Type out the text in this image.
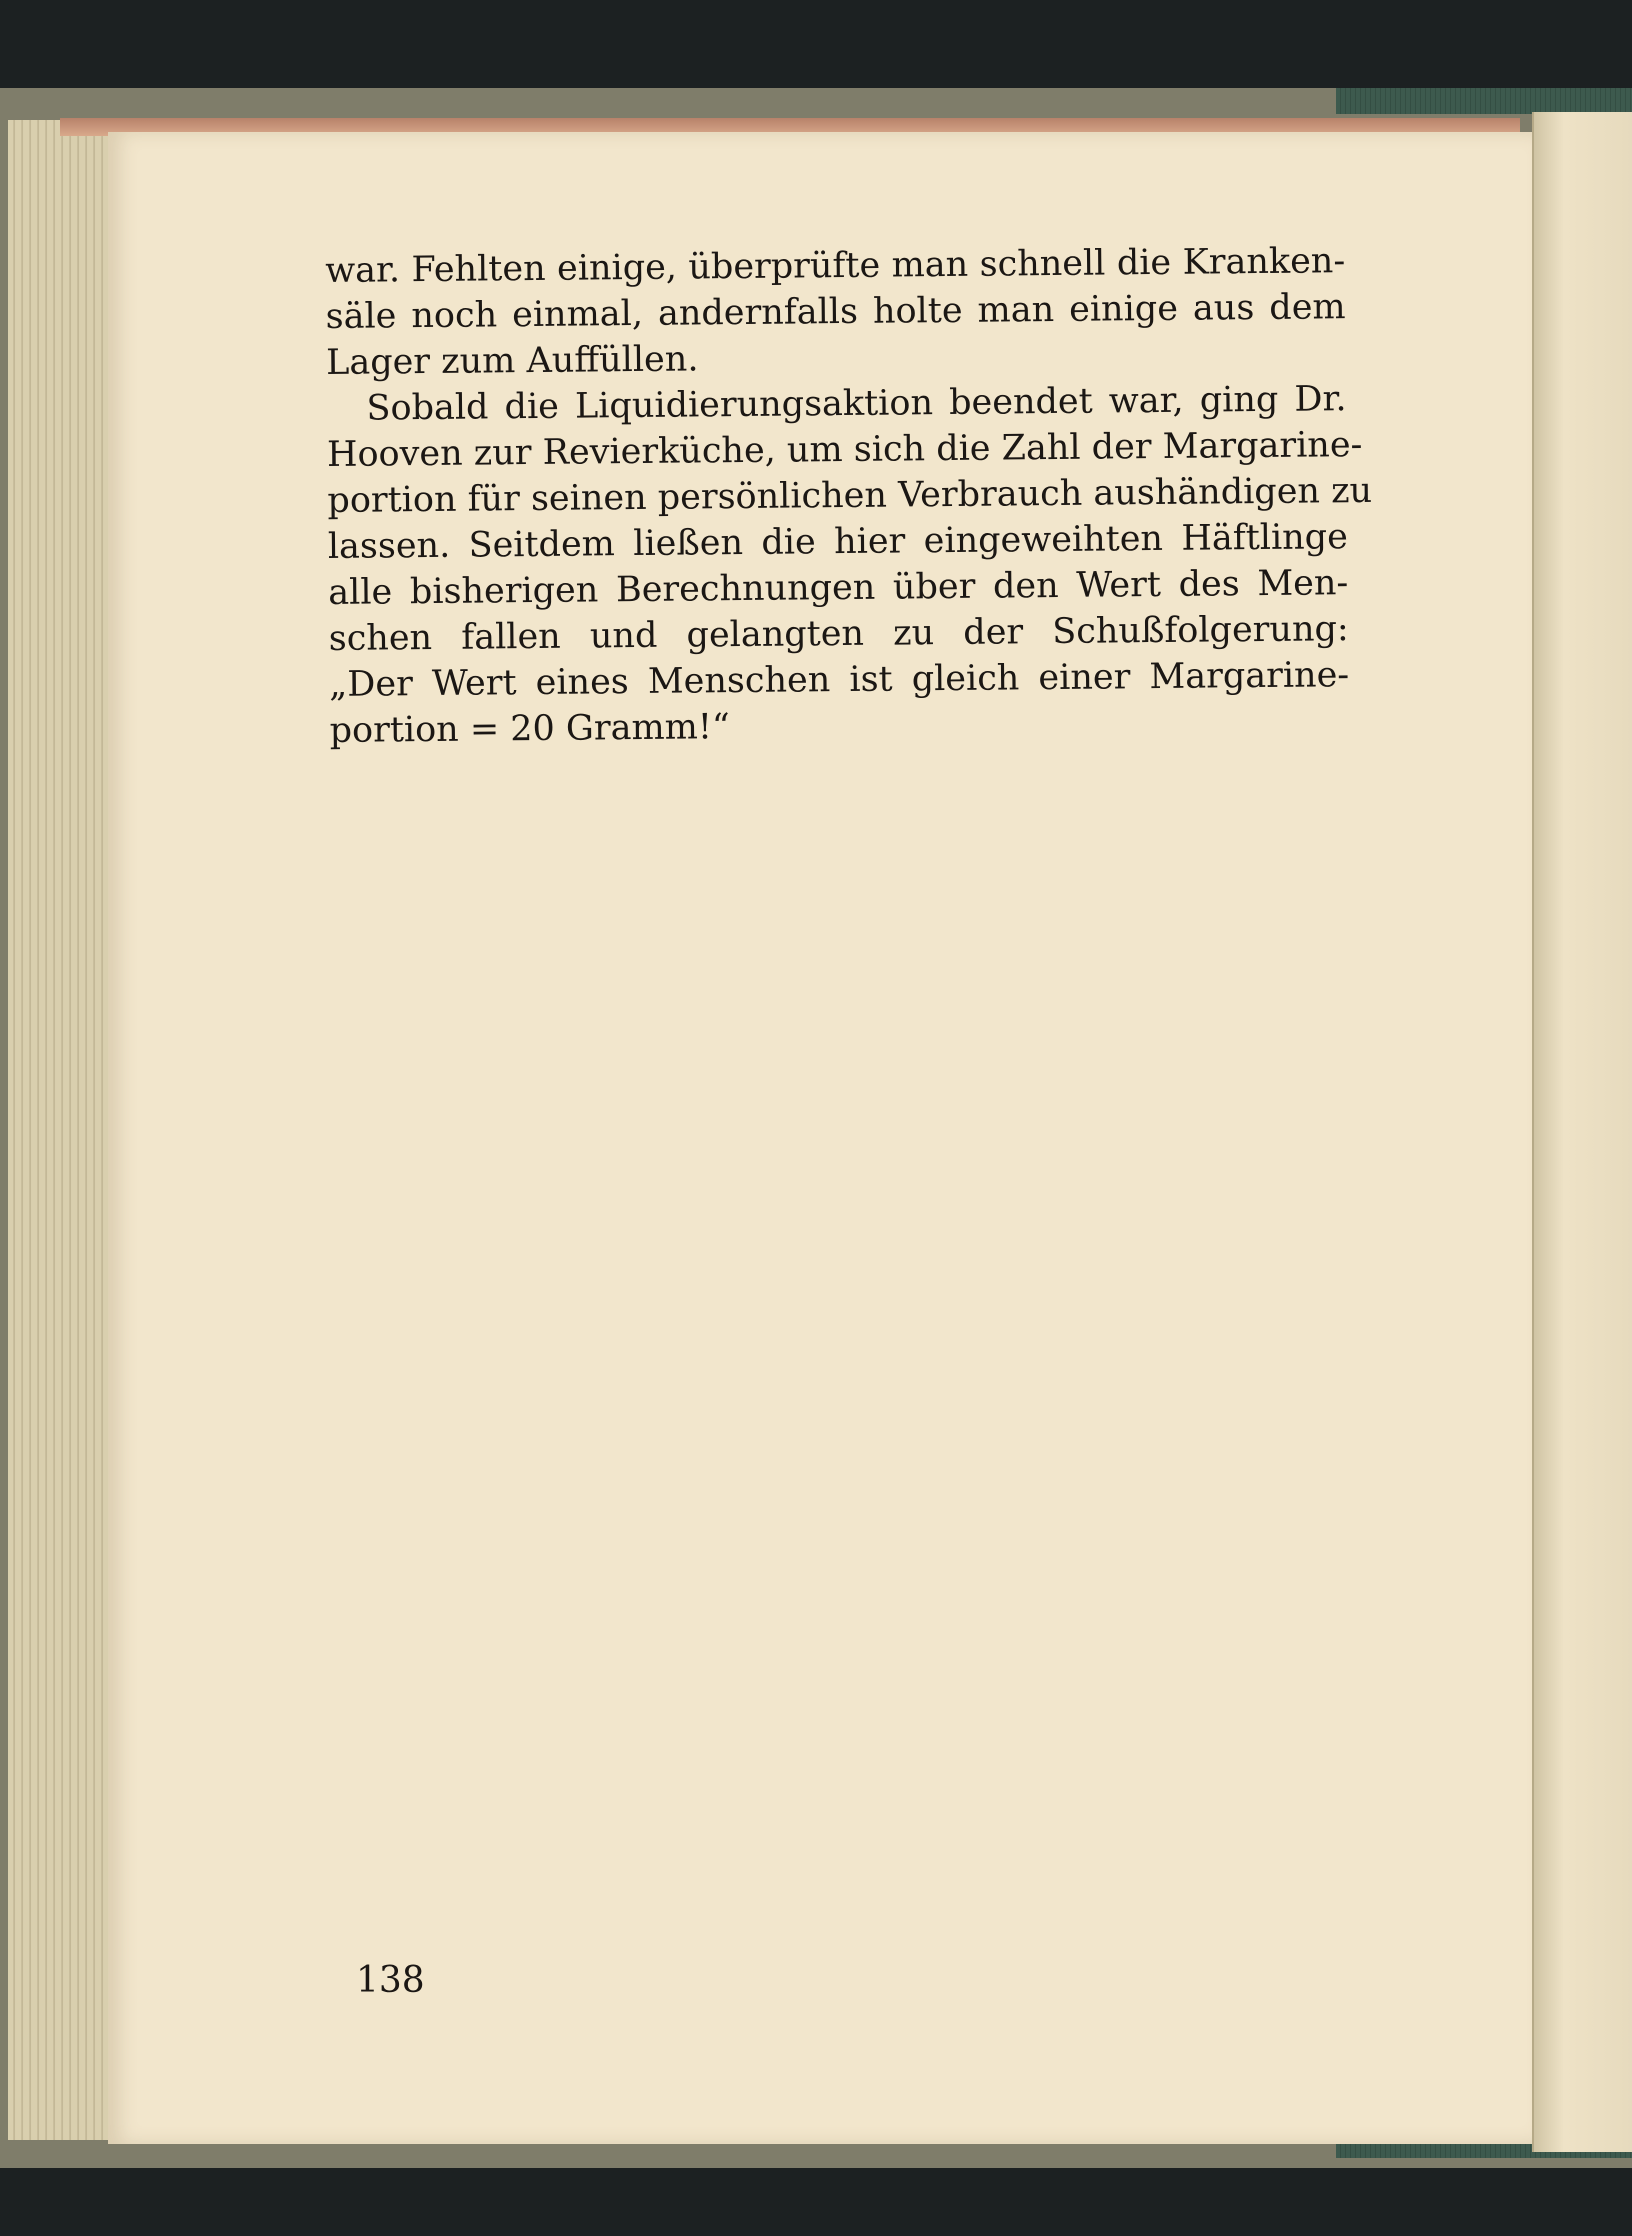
war. Fehlten einige, überprüfte man schnell die Kranken-
säle noch einmal, andernfalls holte man einige aus dem
Lager zum Auffüllen.
Sobald die Liquidierungsaktion beendet war, ging Dr.
Hooven zur Revierküche, um sich die Zahl der Margarine-
portion für seinen persönlichen Verbrauch aushändigen zu
lassen. Seitdem ließen die hier eingeweihten Häftlinge
alle bisherigen Berechnungen über den Wert des Men-
schen fallen und gelangten zu der Schußfolgerung:
„Der Wert eines Menschen ist gleich einer Margarine-
portion = 20 Gramm!“
138
